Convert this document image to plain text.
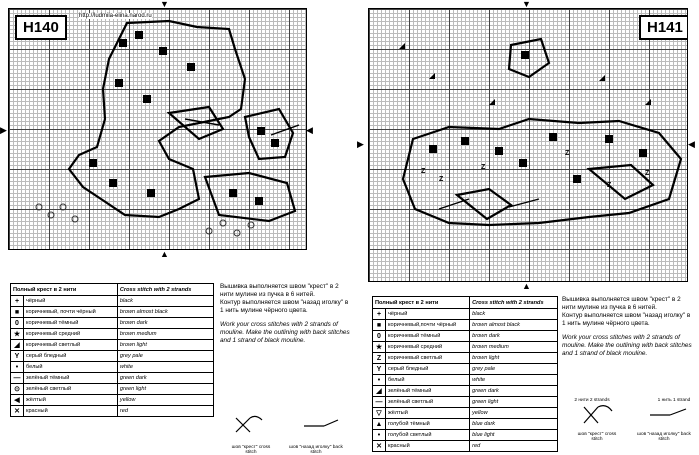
H140
http://ludmila-elina.narod.ru
▼
▲
▶	◀
H141
Z
Z
Z
Z
Z
Z
▼
▲
▶	◀
Полный крест в 2 нити		Cross stitch with 2 strands
+	чёрный	black
■	коричневый, почти чёрный	brown almost black
0	коричневый тёмный	brown dark
★	коричневый средний	brown medium
◢	коричневый светлый	brown light
Y	серый бледный	grey pale
•	белый	white
—	зелёный тёмный	green dark
⊙	зелёный светлый	green light
◀	жёлтый	yellow
✕	красный	red
Полный крест в 2 нити		Cross stitch with 2 strands
+	чёрный	black
■	коричневый,почти чёрный	brown almost black
0	коричневый тёмный	brown dark
★	коричневый средний	brown medium
Z	коричневый светлый	brown light
Y	серый бледный	grey pale
•	белый	white
◢	зелёный тёмный	green dark
—	зелёный светлый	green light
▽	жёлтый	yellow
▲	голубой тёмный	blue dark
•	голубой светлый	blue light
✕	красный	red

Вышивка выполняется швом "крест" в 2 нити мулине из пучка в 6 нитей.

Контур выполняется швом "назад иголку" в 1 нить мулине чёрного цвета.

Work your cross stitches with 2 strands of mouline. Make the outlining with back stitches and 1 strand of black mouline.

Вышивка выполняется швом "крест" в 2 нити мулине из пучка в 6 нитей.

Контур выполняется швом "назад иголку" в 1 нить мулине чёрного цвета.

Work your cross stitches with 2 strands of mouline. Make the outlining with back stitches and 1 strand of black mouline.

шов "крест" cross stitch
шов "назад иголку" back stitch
2 нити 2 strands	1 нить 1 strand
шов "крест" cross stitch
шов "назад иголку" back stitch
